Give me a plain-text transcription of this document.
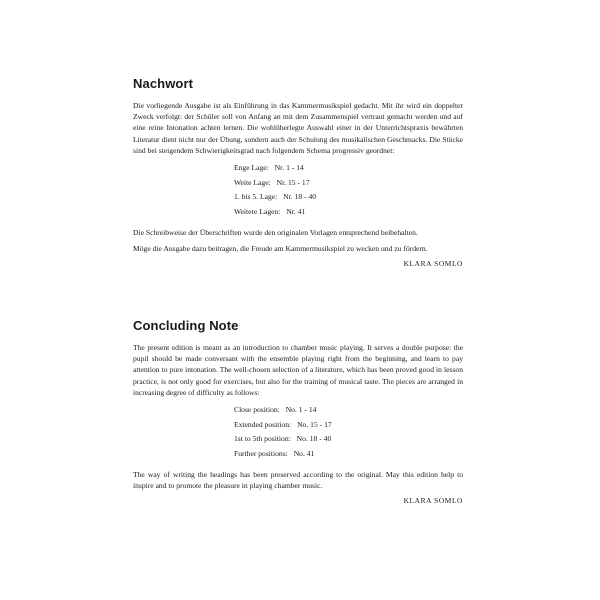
Nachwort

Die vorliegende Ausgabe ist als Einführung in das Kammermusikspiel gedacht. Mit ihr wird ein doppelter Zweck verfolgt: der Schüler soll von Anfang an mit dem Zusammenspiel vertraut gemacht werden und auf eine reine Intonation achten lernen. Die wohlüberlegte Auswahl einer in der Unterrichtspraxis bewährten Literatur dient nicht nur der Übung, sondern auch der Schulung des musikalischen Geschmacks. Die Stücke sind bei steigendem Schwierigkeitsgrad nach folgendem Schema progressiv geordnet:

Enge Lage: Nr. 1 - 14
Weite Lage: Nr. 15 - 17
1. bis 5. Lage: Nr. 18 - 40
Weitere Lagen: Nr. 41

Die Schreibweise der Überschriften wurde den originalen Vorlagen entsprechend beibehalten.

Möge die Ausgabe dazu beitragen, die Freude am Kammermusikspiel zu wecken und zu fördern.

KLARA SOMLO
Concluding Note

The present edition is meant as an introduction to chamber music playing. It serves a double purpose: the pupil should be made conversant with the ensemble playing right from the beginning, and learn to pay attention to pure intonation. The well-chosen selection of a literature, which has been proved good in lesson practice, is not only good for exercises, but also for the training of musical taste. The pieces are arranged in increasing degree of difficulty as follows:

Close position: No. 1 - 14
Extended position: No. 15 - 17
1st to 5th position: No. 18 - 40
Further positions: No. 41

The way of writing the headings has been preserved according to the original. May this edition help to inspire and to promote the pleasure in playing chamber music.

KLARA SOMLO
